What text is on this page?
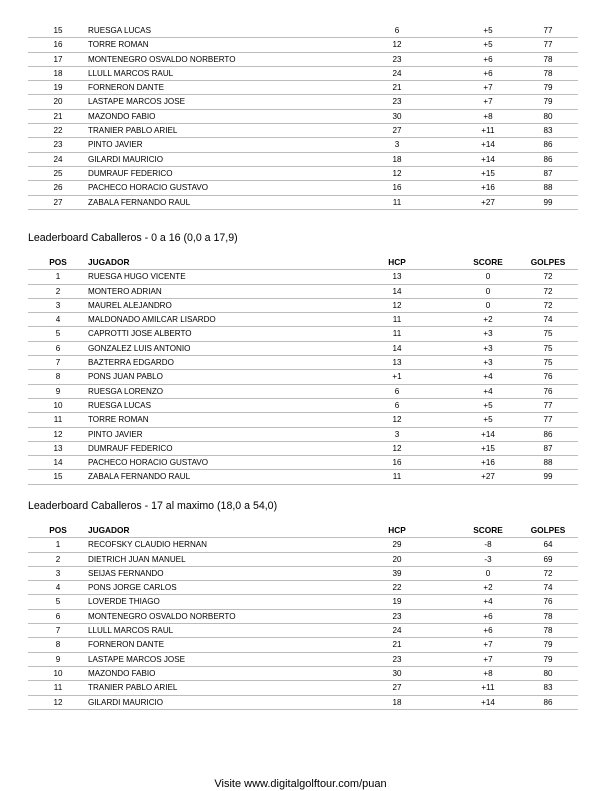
15	RUESGA LUCAS	6	+5	77
16	TORRE ROMAN	12	+5	77
17	MONTENEGRO OSVALDO NORBERTO	23	+6	78
18	LLULL MARCOS RAUL	24	+6	78
19	FORNERON DANTE	21	+7	79
20	LASTAPE MARCOS JOSE	23	+7	79
21	MAZONDO FABIO	30	+8	80
22	TRANIER PABLO ARIEL	27	+11	83
23	PINTO JAVIER	3	+14	86
24	GILARDI MAURICIO	18	+14	86
25	DUMRAUF FEDERICO	12	+15	87
26	PACHECO HORACIO GUSTAVO	16	+16	88
27	ZABALA FERNANDO RAUL	11	+27	99
Leaderboard Caballeros - 0 a 16 (0,0 a 17,9)
POS	JUGADOR	HCP	SCORE	GOLPES
1	RUESGA HUGO VICENTE	13	0	72
2	MONTERO ADRIAN	14	0	72
3	MAUREL ALEJANDRO	12	0	72
4	MALDONADO AMILCAR LISARDO	11	+2	74
5	CAPROTTI JOSE ALBERTO	11	+3	75
6	GONZALEZ LUIS ANTONIO	14	+3	75
7	BAZTERRA EDGARDO	13	+3	75
8	PONS JUAN PABLO	+1	+4	76
9	RUESGA LORENZO	6	+4	76
10	RUESGA LUCAS	6	+5	77
11	TORRE ROMAN	12	+5	77
12	PINTO JAVIER	3	+14	86
13	DUMRAUF FEDERICO	12	+15	87
14	PACHECO HORACIO GUSTAVO	16	+16	88
15	ZABALA FERNANDO RAUL	11	+27	99
Leaderboard Caballeros - 17 al maximo (18,0 a 54,0)
POS	JUGADOR	HCP	SCORE	GOLPES
1	RECOFSKY CLAUDIO HERNAN	29	-8	64
2	DIETRICH JUAN MANUEL	20	-3	69
3	SEIJAS FERNANDO	39	0	72
4	PONS JORGE CARLOS	22	+2	74
5	LOVERDE THIAGO	19	+4	76
6	MONTENEGRO OSVALDO NORBERTO	23	+6	78
7	LLULL MARCOS RAUL	24	+6	78
8	FORNERON DANTE	21	+7	79
9	LASTAPE MARCOS JOSE	23	+7	79
10	MAZONDO FABIO	30	+8	80
11	TRANIER PABLO ARIEL	27	+11	83
12	GILARDI MAURICIO	18	+14	86
Visite www.digitalgolftour.com/puan
